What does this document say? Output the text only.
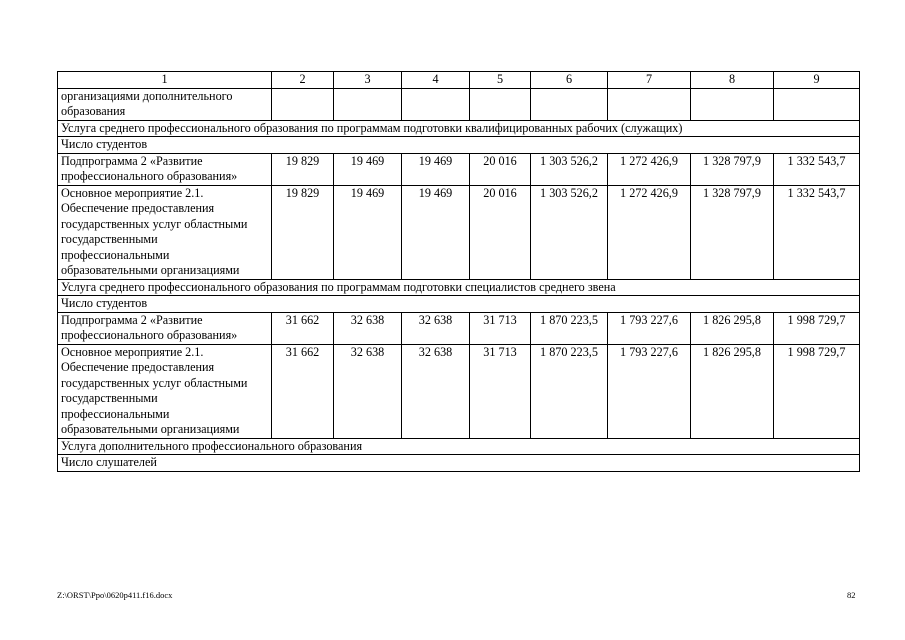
1	2	3	4	5	6	7	8	9
организациями дополнительного образования								
Услуга среднего профессионального образования по программам подготовки квалифицированных рабочих (служащих)								
Число студентов								
Подпрограмма 2 «Развитие профессионального образования»	19 829	19 469	19 469	20 016	1 303 526,2	1 272 426,9	1 328 797,9	1 332 543,7
Основное мероприятие 2.1. Обеспечение предоставления государственных услуг областными государственными профессиональными образовательными организациями	19 829	19 469	19 469	20 016	1 303 526,2	1 272 426,9	1 328 797,9	1 332 543,7
Услуга среднего профессионального образования по программам подготовки специалистов среднего звена								
Число студентов								
Подпрограмма 2 «Развитие профессионального образования»	31 662	32 638	32 638	31 713	1 870 223,5	1 793 227,6	1 826 295,8	1 998 729,7
Основное мероприятие 2.1. Обеспечение предоставления государственных услуг областными государственными профессиональными образовательными организациями	31 662	32 638	32 638	31 713	1 870 223,5	1 793 227,6	1 826 295,8	1 998 729,7
Услуга дополнительного профессионального образования								
Число слушателей								
Z:\ORST\Ppo\0620p411.f16.docx	82
